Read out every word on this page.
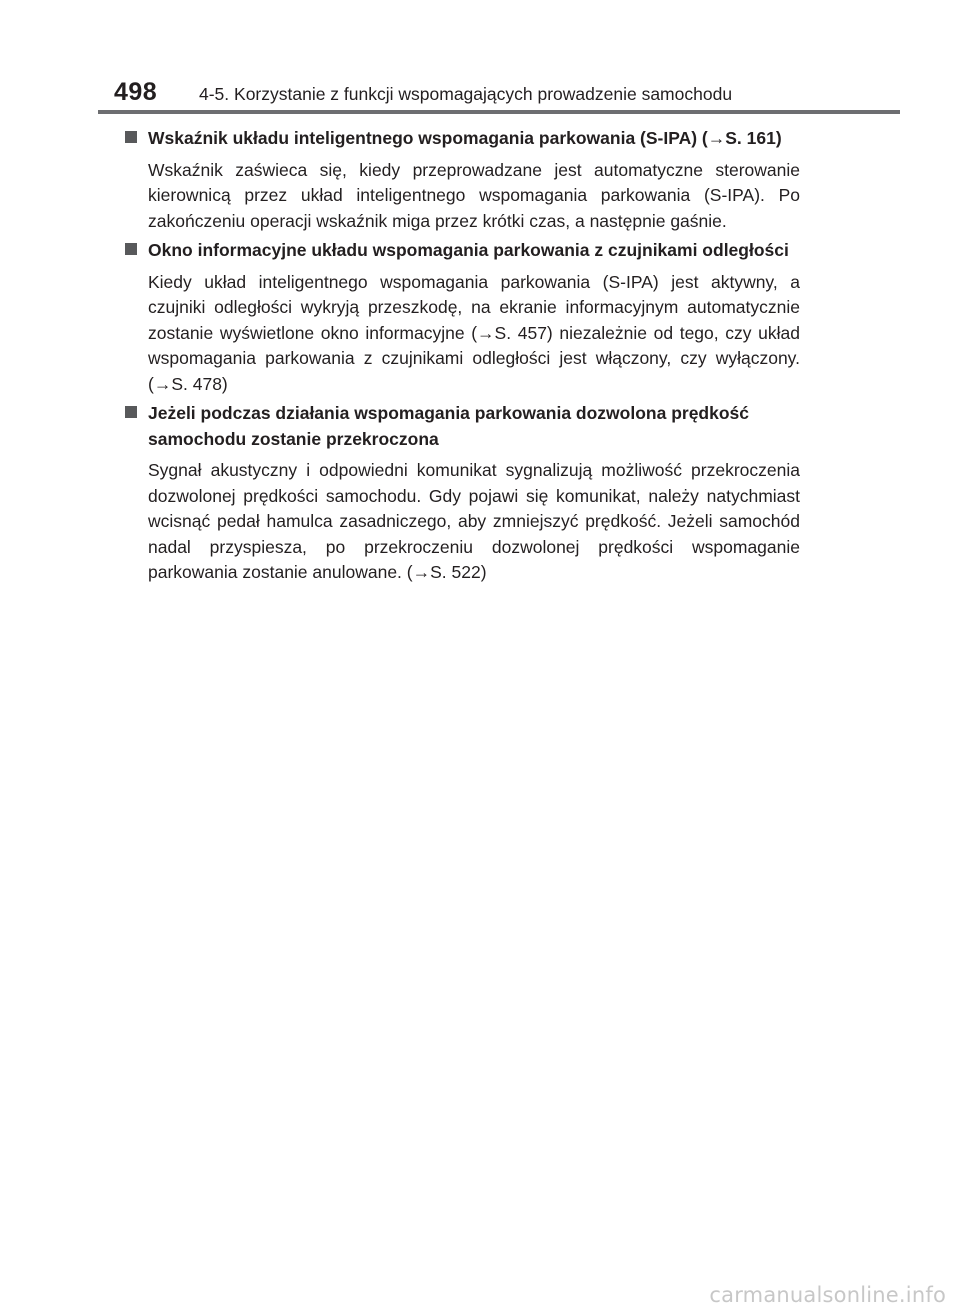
498 4-5. Korzystanie z funkcji wspomagających prowadzenie samochodu
Wskaźnik układu inteligentnego wspomagania parkowania (S-IPA) (→S. 161)
Wskaźnik zaświeca się, kiedy przeprowadzane jest automatyczne sterowanie kierownicą przez układ inteligentnego wspomagania parkowania (S-IPA). Po zakończeniu operacji wskaźnik miga przez krótki czas, a następnie gaśnie.
Okno informacyjne układu wspomagania parkowania z czujnikami odległości
Kiedy układ inteligentnego wspomagania parkowania (S-IPA) jest aktywny, a czujniki odległości wykryją przeszkodę, na ekranie informacyjnym automatycznie zostanie wyświetlone okno informacyjne (→S. 457) niezależnie od tego, czy układ wspomagania parkowania z czujnikami odległości jest włączony, czy wyłączony. (→S. 478)
Jeżeli podczas działania wspomagania parkowania dozwolona prędkość samochodu zostanie przekroczona
Sygnał akustyczny i odpowiedni komunikat sygnalizują możliwość przekroczenia dozwolonej prędkości samochodu. Gdy pojawi się komunikat, należy natychmiast wcisnąć pedał hamulca zasadniczego, aby zmniejszyć prędkość. Jeżeli samochód nadal przyspiesza, po przekroczeniu dozwolonej prędkości wspomaganie parkowania zostanie anulowane. (→S. 522)
carmanualsonline.info
